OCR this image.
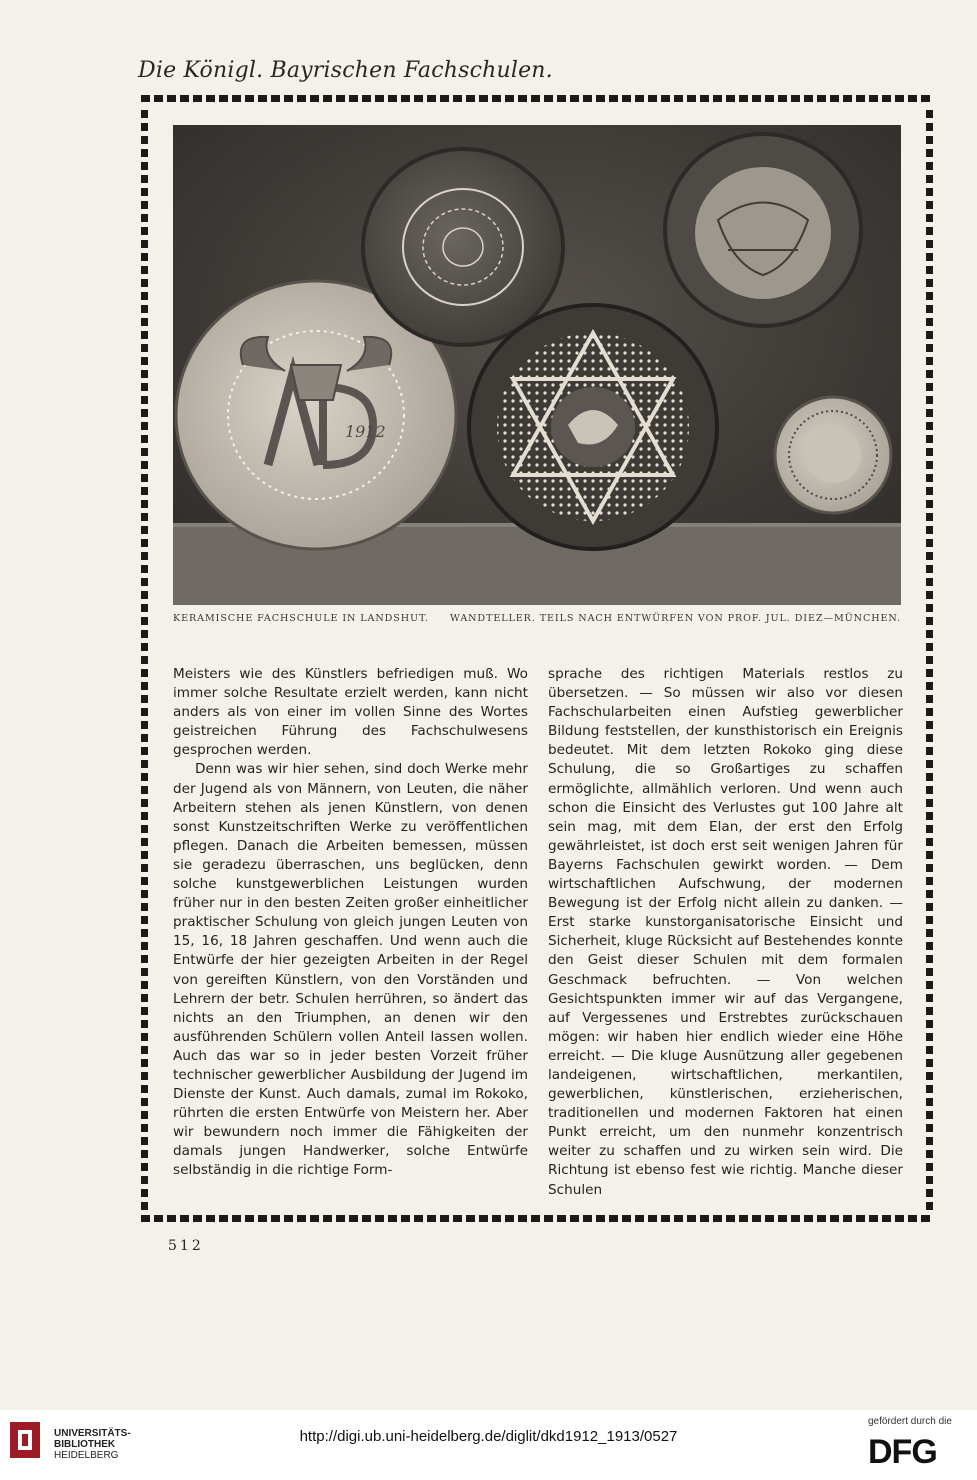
Die Königl. Bayrischen Fachschulen.
1912
KERAMISCHE FACHSCHULE IN LANDSHUT. WANDTELLER. TEILS NACH ENTWÜRFEN VON PROF. JUL. DIEZ—MÜNCHEN.

Meisters wie des Künstlers befriedigen muß. Wo immer solche Resultate erzielt werden, kann nicht anders als von einer im vollen Sinne des Wortes geistreichen Führung des Fachschulwesens gesprochen werden.

Denn was wir hier sehen, sind doch Werke mehr der Jugend als von Männern, von Leuten, die näher Arbeitern stehen als jenen Künstlern, von denen sonst Kunstzeitschriften Werke zu veröffentlichen pflegen. Danach die Arbeiten bemessen, müssen sie geradezu überraschen, uns beglücken, denn solche kunstgewerblichen Leistungen wurden früher nur in den besten Zeiten großer einheitlicher praktischer Schulung von gleich jungen Leuten von 15, 16, 18 Jahren geschaffen. Und wenn auch die Entwürfe der hier gezeigten Arbeiten in der Regel von gereiften Künstlern, von den Vorständen und Lehrern der betr. Schulen herrühren, so ändert das nichts an den Triumphen, an denen wir den ausführenden Schülern vollen Anteil lassen wollen. Auch das war so in jeder besten Vorzeit früher technischer gewerblicher Ausbildung der Jugend im Dienste der Kunst. Auch damals, zumal im Rokoko, rührten die ersten Entwürfe von Meistern her. Aber wir bewundern noch immer die Fähigkeiten der damals jungen Handwerker, solche Entwürfe selbständig in die richtige Form-

sprache des richtigen Materials restlos zu übersetzen. — So müssen wir also vor diesen Fachschularbeiten einen Aufstieg gewerblicher Bildung feststellen, der kunsthistorisch ein Ereignis bedeutet. Mit dem letzten Rokoko ging diese Schulung, die so Großartiges zu schaffen ermöglichte, allmählich verloren. Und wenn auch schon die Einsicht des Verlustes gut 100 Jahre alt sein mag, mit dem Elan, der erst den Erfolg gewährleistet, ist doch erst seit wenigen Jahren für Bayerns Fachschulen gewirkt worden. — Dem wirtschaftlichen Aufschwung, der modernen Bewegung ist der Erfolg nicht allein zu danken. — Erst starke kunstorganisatorische Einsicht und Sicherheit, kluge Rücksicht auf Bestehendes konnte den Geist dieser Schulen mit dem formalen Geschmack befruchten. — Von welchen Gesichtspunkten immer wir auf das Vergangene, auf Vergessenes und Erstrebtes zurückschauen mögen: wir haben hier endlich wieder eine Höhe erreicht. — Die kluge Ausnützung aller gegebenen landeigenen, wirtschaftlichen, merkantilen, gewerblichen, künstlerischen, erzieherischen, traditionellen und modernen Faktoren hat einen Punkt erreicht, um den nunmehr konzentrisch weiter zu schaffen und zu wirken sein wird. Die Richtung ist ebenso fest wie richtig. Manche dieser Schulen

512
UNIVERSITÄTS-
BIBLIOTHEK
HEIDELBERG
http://digi.ub.uni-heidelberg.de/diglit/dkd1912_1913/0527
gefördert durch die
DFG
